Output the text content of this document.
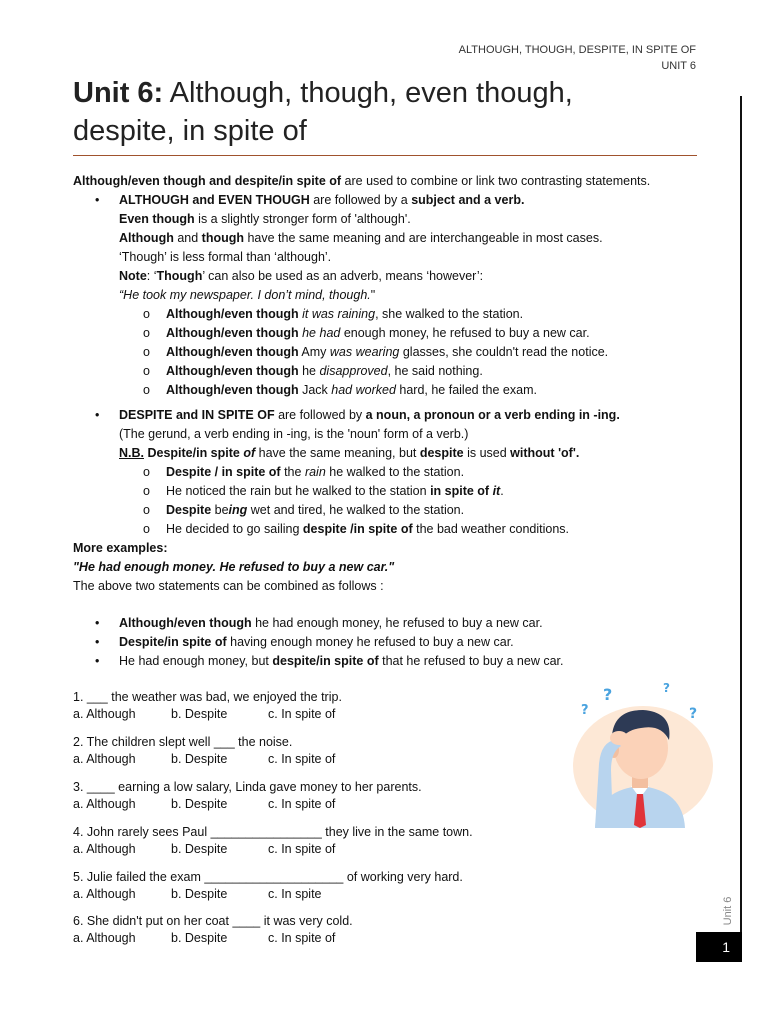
ALTHOUGH, THOUGH, DESPITE, IN SPITE OF
UNIT 6
Unit 6: Although, though, even though,
despite, in spite of
Unit 6
1
Although/even though and despite/in spite of are used to combine or link two contrasting statements.
• ALTHOUGH and EVEN THOUGH are followed by a subject and a verb.
Even though is a slightly stronger form of 'although'.
Although and though have the same meaning and are interchangeable in most cases.
‘Though’ is less formal than ‘although’.
Note: ‘Though’ can also be used as an adverb, means ‘however’:
“He took my newspaper. I don’t mind, though."
o Although/even though it was raining, she walked to the station.
o Although/even though he had enough money, he refused to buy a new car.
o Although/even though Amy was wearing glasses, she couldn't read the notice.
o Although/even though he disapproved, he said nothing.
o Although/even though Jack had worked hard, he failed the exam.
• DESPITE and IN SPITE OF are followed by a noun, a pronoun or a verb ending in -ing.
(The gerund, a verb ending in -ing, is the 'noun' form of a verb.)
N.B. Despite/in spite of have the same meaning, but despite is used without 'of'.
o Despite / in spite of the rain he walked to the station.
o He noticed the rain but he walked to the station in spite of it.
o Despite being wet and tired, he walked to the station.
o He decided to go sailing despite /in spite of the bad weather conditions.
More examples:
"He had enough money. He refused to buy a new car."
The above two statements can be combined as follows :
• Although/even though he had enough money, he refused to buy a new car.
• Despite/in spite of having enough money he refused to buy a new car.
• He had enough money, but despite/in spite of that he refused to buy a new car.
1. ___ the weather was bad, we enjoyed the trip.
a. Although	b. Despite	c. In spite of
2. The children slept well ___ the noise.
a. Although	b. Despite	c. In spite of
3. ____ earning a low salary, Linda gave money to her parents.
a. Although	b. Despite	c. In spite of
4. John rarely sees Paul ________________ they live in the same town.
a. Although	b. Despite	c. In spite of
5. Julie failed the exam ____________________ of working very hard.
a. Although	b. Despite	c. In spite
6. She didn't put on her coat ____ it was very cold.
a. Although	b. Despite	c. In spite of
?
?
?
?
